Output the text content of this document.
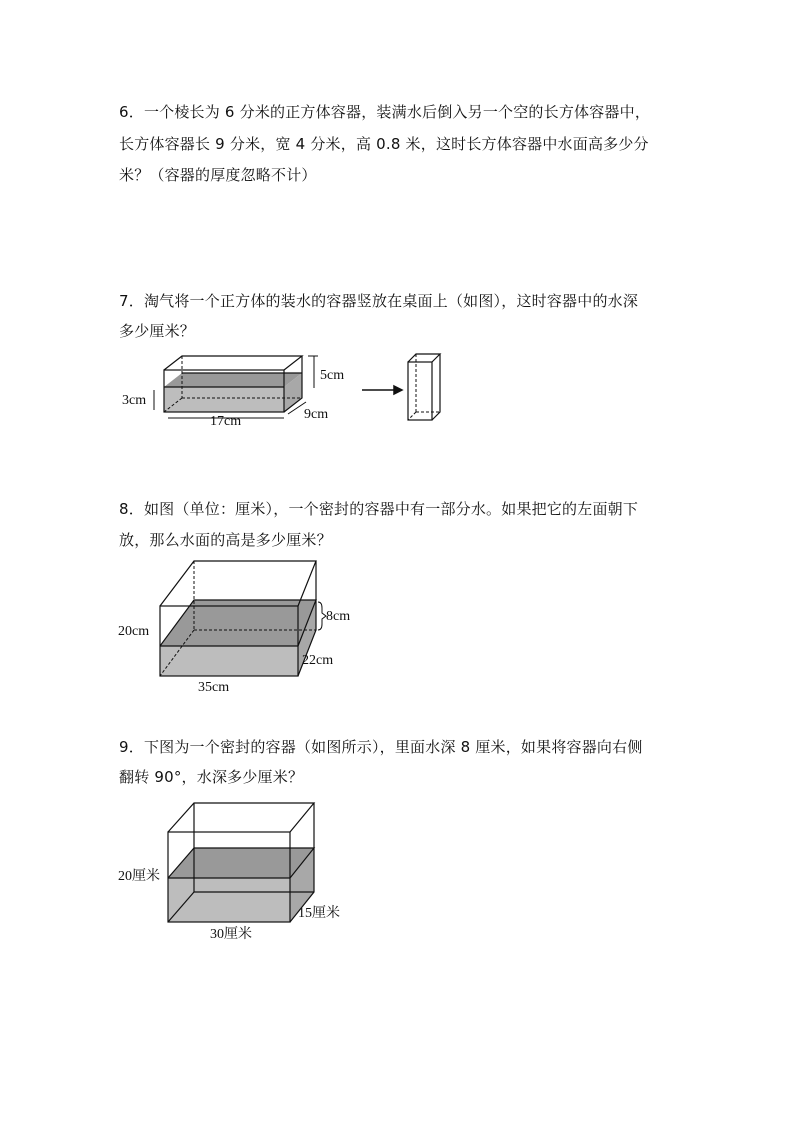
6．一个棱长为 6 分米的正方体容器，装满水后倒入另一个空的长方体容器中，
长方体容器长 9 分米，宽 4 分米，高 0.8 米，这时长方体容器中水面高多少分
米？（容器的厚度忽略不计）
7．淘气将一个正方体的装水的容器竖放在桌面上（如图），这时容器中的水深
多少厘米？
5cm
3cm
17cm	9cm
8．如图（单位：厘米），一个密封的容器中有一部分水。如果把它的左面朝下
放，那么水面的高是多少厘米？
8cm
20cm
22cm
35cm
9．下图为一个密封的容器（如图所示），里面水深 8 厘米，如果将容器向右侧
翻转 90°，水深多少厘米？
20厘米
15厘米
30厘米
